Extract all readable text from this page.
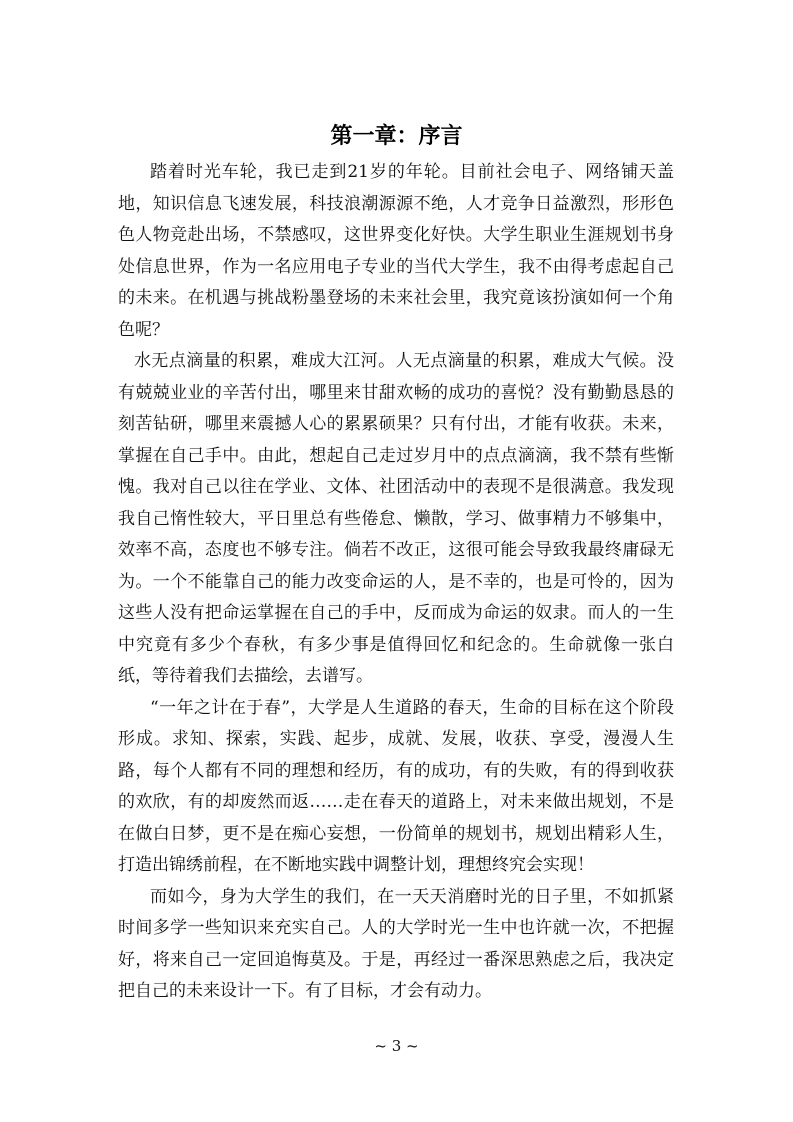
第一章：序言

踏着时光车轮，我已走到21岁的年轮。目前社会电子、网络铺天盖地，知识信息飞速发展，科技浪潮源源不绝，人才竞争日益激烈，形形色色人物竞赴出场，不禁感叹，这世界变化好快。大学生职业生涯规划书身处信息世界，作为一名应用电子专业的当代大学生，我不由得考虑起自己的未来。在机遇与挑战粉墨登场的未来社会里，我究竟该扮演如何一个角色呢？

水无点滴量的积累，难成大江河。人无点滴量的积累，难成大气候。没有兢兢业业的辛苦付出，哪里来甘甜欢畅的成功的喜悦？没有勤勤恳恳的刻苦钻研，哪里来震撼人心的累累硕果？只有付出，才能有收获。未来，掌握在自己手中。由此，想起自己走过岁月中的点点滴滴，我不禁有些惭愧。我对自己以往在学业、文体、社团活动中的表现不是很满意。我发现我自己惰性较大，平日里总有些倦怠、懒散，学习、做事精力不够集中，效率不高，态度也不够专注。倘若不改正，这很可能会导致我最终庸碌无为。一个不能靠自己的能力改变命运的人，是不幸的，也是可怜的，因为这些人没有把命运掌握在自己的手中，反而成为命运的奴隶。而人的一生中究竟有多少个春秋，有多少事是值得回忆和纪念的。生命就像一张白纸，等待着我们去描绘，去谱写。

“一年之计在于春”，大学是人生道路的春天，生命的目标在这个阶段形成。求知、探索，实践、起步，成就、发展，收获、享受，漫漫人生路，每个人都有不同的理想和经历，有的成功，有的失败，有的得到收获的欢欣，有的却废然而返……走在春天的道路上，对未来做出规划，不是在做白日梦，更不是在痴心妄想，一份简单的规划书，规划出精彩人生，打造出锦绣前程，在不断地实践中调整计划，理想终究会实现！

而如今，身为大学生的我们，在一天天消磨时光的日子里，不如抓紧时间多学一些知识来充实自己。人的大学时光一生中也许就一次，不把握好，将来自己一定回追悔莫及。于是，再经过一番深思熟虑之后，我决定把自己的未来设计一下。有了目标，才会有动力。

~ 3 ~
